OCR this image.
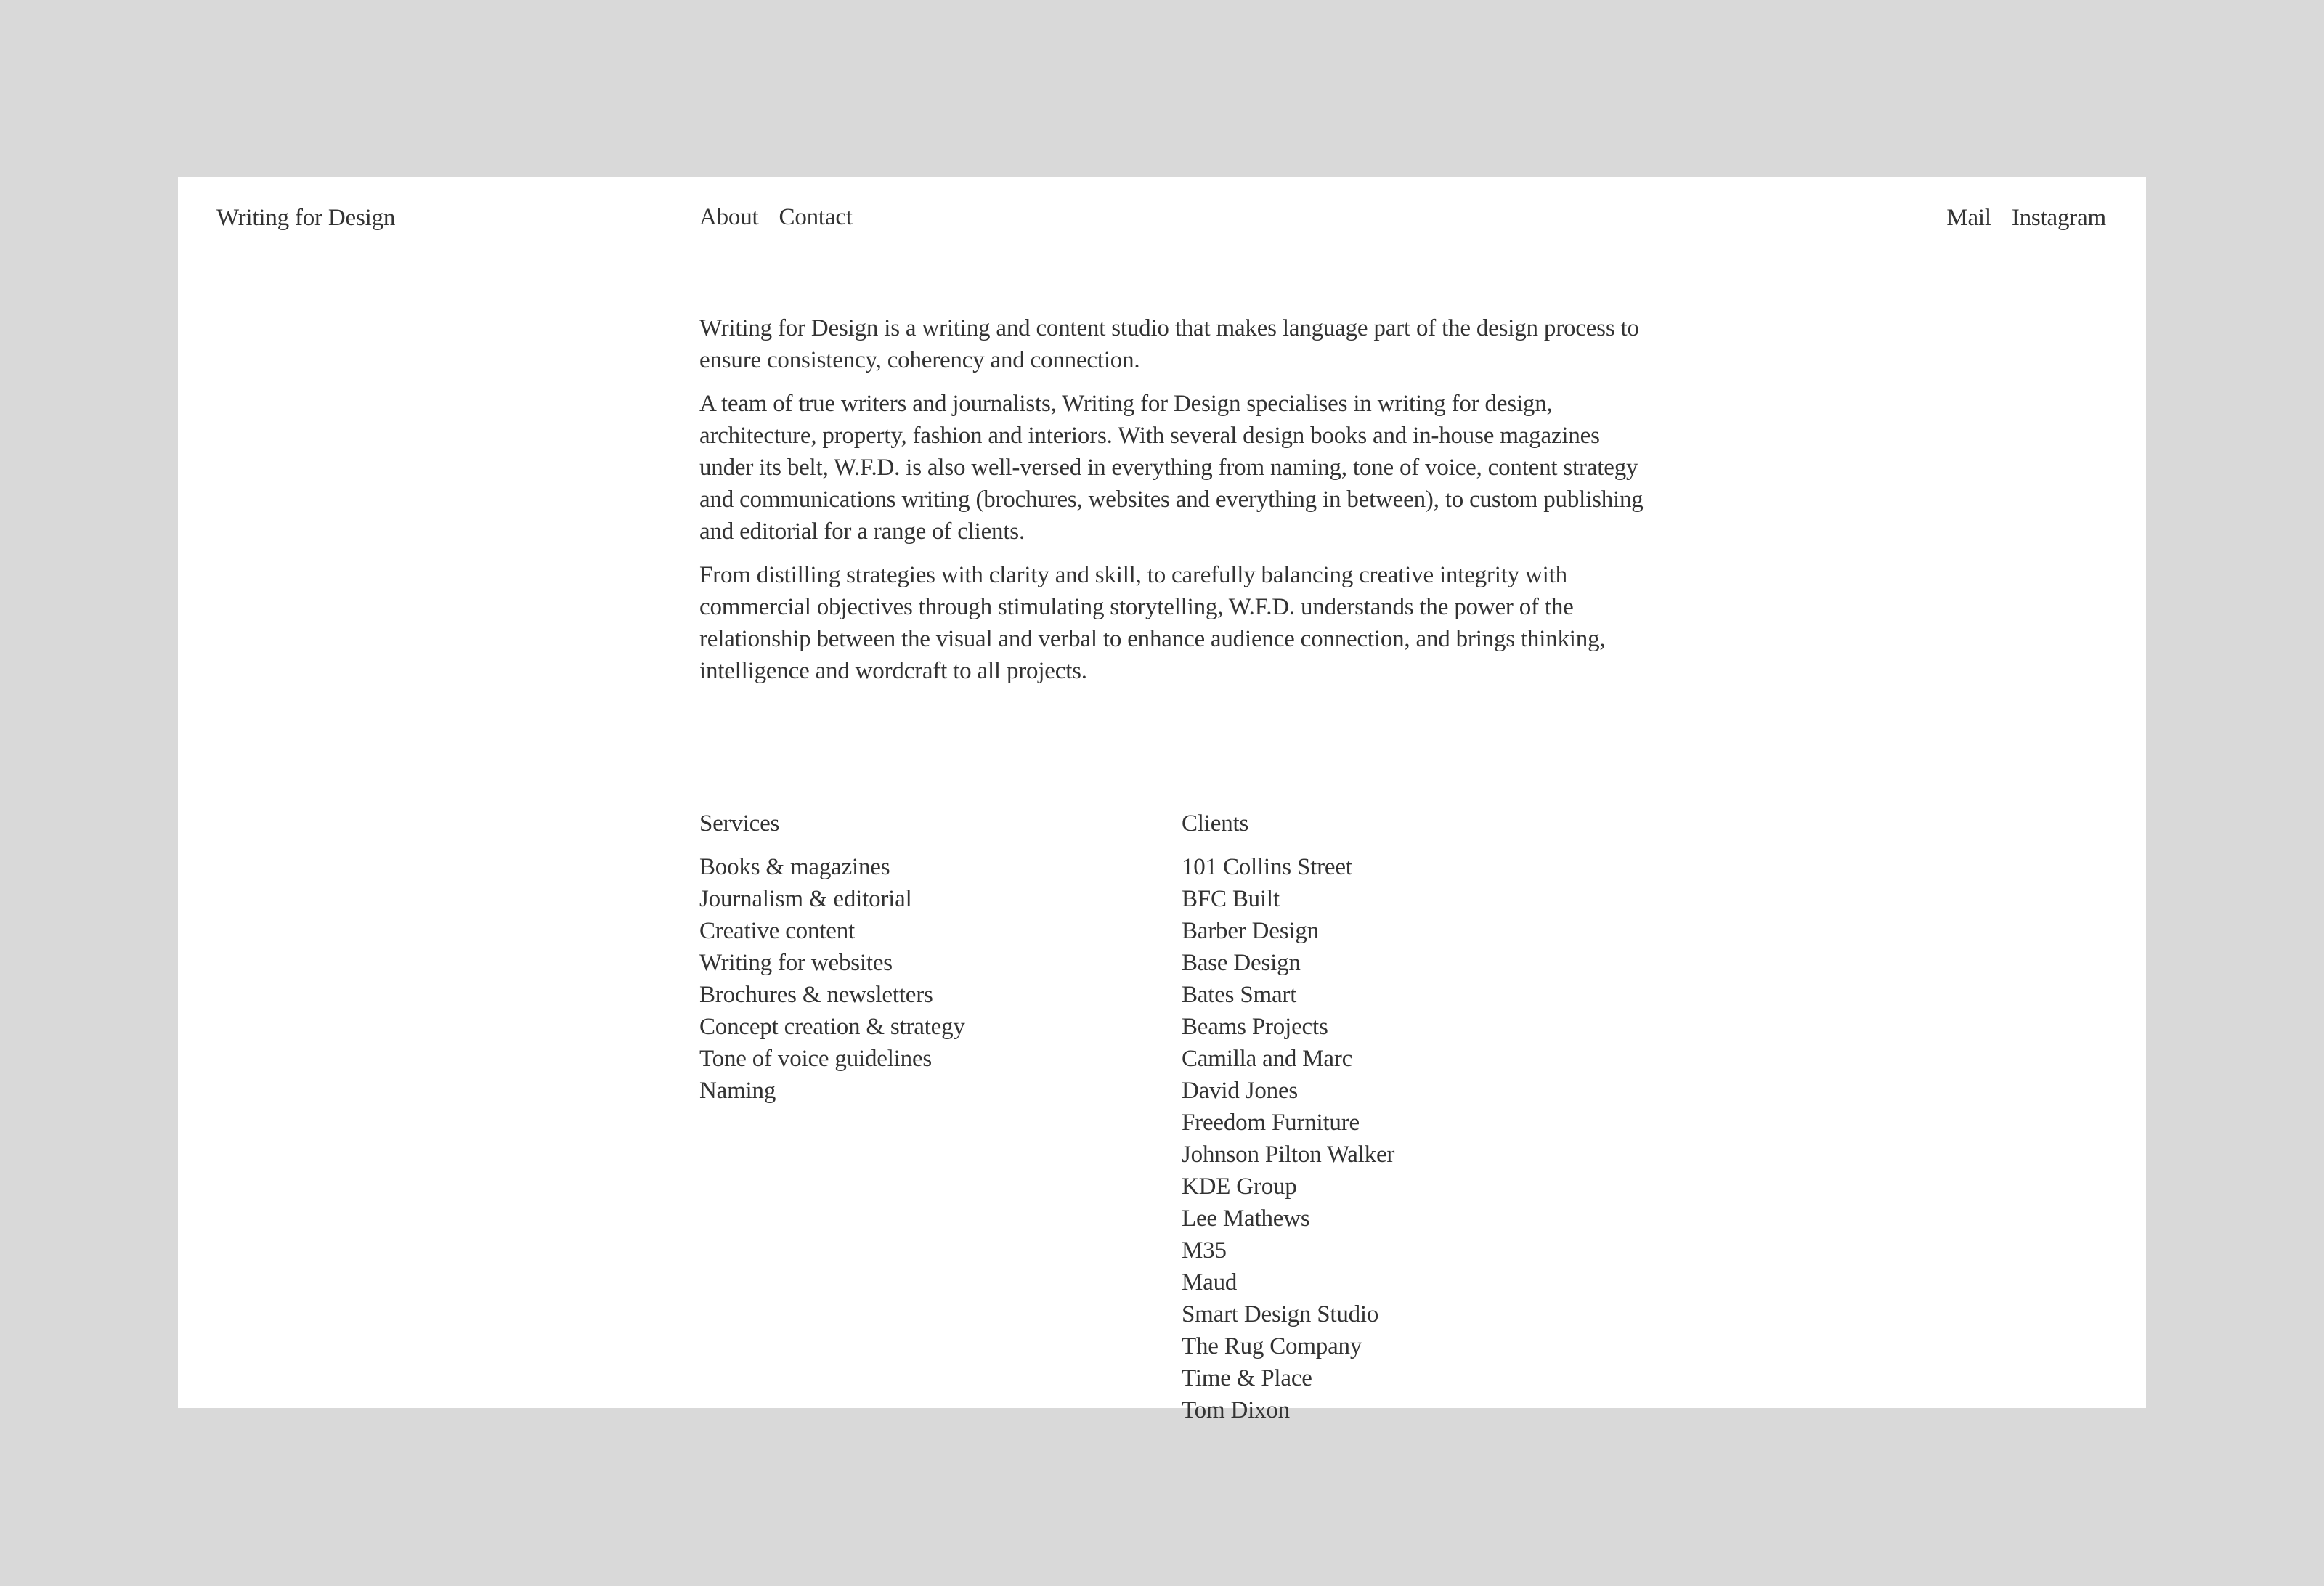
Writing for Design	About Contact	Mail Instagram

Writing for Design is a writing and content studio that makes language part of the design process to ensure consistency, coherency and connection.

A team of true writers and journalists, Writing for Design specialises in writing for design, architecture, property, fashion and interiors. With several design books and in-house magazines under its belt, W.F.D. is also well-versed in everything from naming, tone of voice, content strategy and communications writing (brochures, websites and everything in between), to custom publishing and editorial for a range of clients.

From distilling strategies with clarity and skill, to carefully balancing creative integrity with commercial objectives through stimulating storytelling, W.F.D. understands the power of the relationship between the visual and verbal to enhance audience connection, and brings thinking, intelligence and wordcraft to all projects.

Services
Books & magazines
Journalism & editorial
Creative content
Writing for websites
Brochures & newsletters
Concept creation & strategy
Tone of voice guidelines
Naming
Clients
101 Collins Street
BFC Built
Barber Design
Base Design
Bates Smart
Beams Projects
Camilla and Marc
David Jones
Freedom Furniture
Johnson Pilton Walker
KDE Group
Lee Mathews
M35
Maud
Smart Design Studio
The Rug Company
Time & Place
Tom Dixon
